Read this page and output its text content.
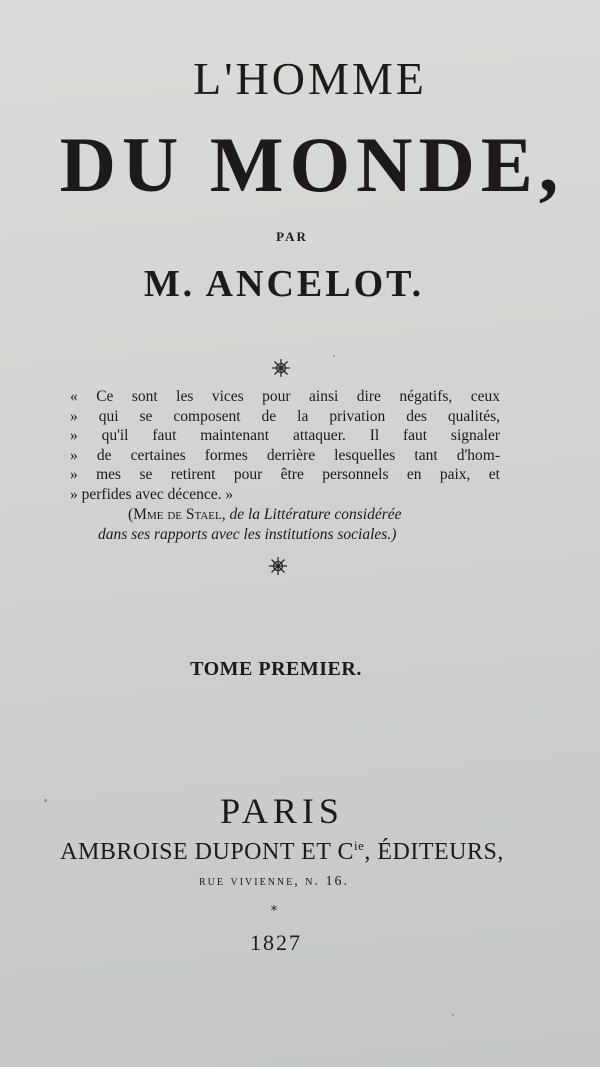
L'HOMME
DU MONDE,
PAR
M. ANCELOT.
« Ce sont les vices pour ainsi dire négatifs, ceux
» qui se composent de la privation des qualités,
» qu'il faut maintenant attaquer. Il faut signaler
» de certaines formes derrière lesquelles tant d'hom-
» mes se retirent pour être personnels en paix, et
» perfides avec décence. »
(Mme de Stael, de la Littérature considérée
dans ses rapports avec les institutions sociales.)
TOME PREMIER.
PARIS
AMBROISE DUPONT ET $C^{ie}$, ÉDITEURS,
rue vivienne, n. 16.
*
1827
